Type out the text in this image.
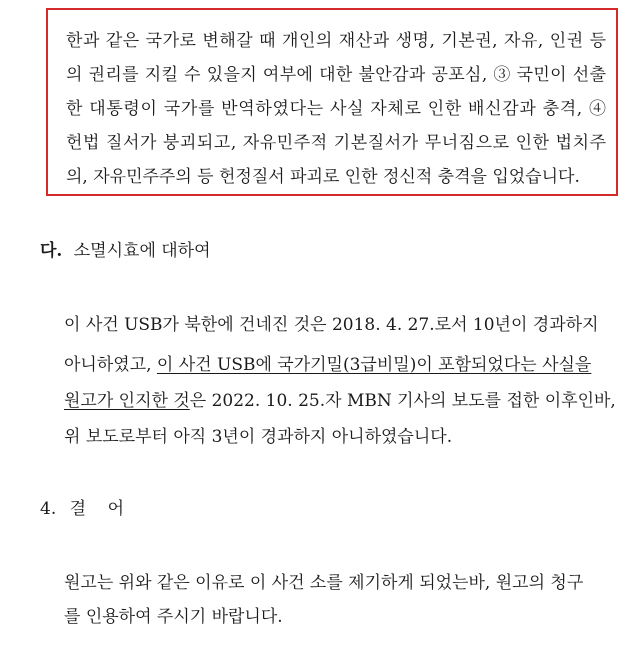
한과 같은 국가로 변해갈 때 개인의 재산과 생명, 기본권, 자유, 인권 등
의 권리를 지킬 수 있을지 여부에 대한 불안감과 공포심, ③ 국민이 선출
한 대통령이 국가를 반역하였다는 사실 자체로 인한 배신감과 충격, ④
헌법 질서가 붕괴되고, 자유민주적 기본질서가 무너짐으로 인한 법치주
의, 자유민주주의 등 헌정질서 파괴로 인한 정신적 충격을 입었습니다.
다. 소멸시효에 대하여
이 사건 USB가 북한에 건네진 것은 2018. 4. 27.로서 10년이 경과하지
아니하였고, 이 사건 USB에 국가기밀(3급비밀)이 포함되었다는 사실을
원고가 인지한 것은 2022. 10. 25.자 MBN 기사의 보도를 접한 이후인바,
위 보도로부터 아직 3년이 경과하지 아니하였습니다.
4. 결    어
원고는 위와 같은 이유로 이 사건 소를 제기하게 되었는바, 원고의 청구
를 인용하여 주시기 바랍니다.
